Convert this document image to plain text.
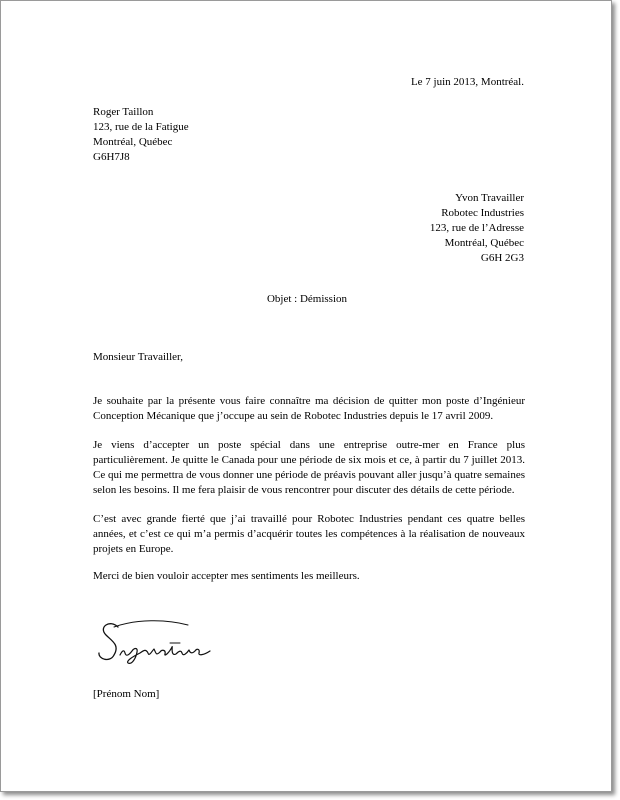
Le 7 juin 2013, Montréal.
Roger Taillon
123, rue de la Fatigue
Montréal, Québec
G6H7J8
Yvon Travailler
Robotec Industries
123, rue de l’Adresse
Montréal, Québec
G6H 2G3
Objet : Démission
Monsieur Travailler,

Je souhaite par la présente vous faire connaître ma décision de quitter mon poste d’Ingénieur Conception Mécanique que j’occupe au sein de Robotec Industries depuis le 17 avril 2009.

Je viens d’accepter un poste spécial dans une entreprise outre-mer en France plus particulièrement. Je quitte le Canada pour une période de six mois et ce, à partir du 7 juillet 2013. Ce qui me permettra de vous donner une période de préavis pouvant aller jusqu’à quatre semaines selon les besoins. Il me fera plaisir de vous rencontrer pour discuter des détails de cette période.

C’est avec grande fierté que j’ai travaillé pour Robotec Industries pendant ces quatre belles années, et c’est ce qui m’a permis d’acquérir toutes les compétences à la réalisation de nouveaux projets en Europe.

Merci de bien vouloir accepter mes sentiments les meilleurs.
[Prénom Nom]
